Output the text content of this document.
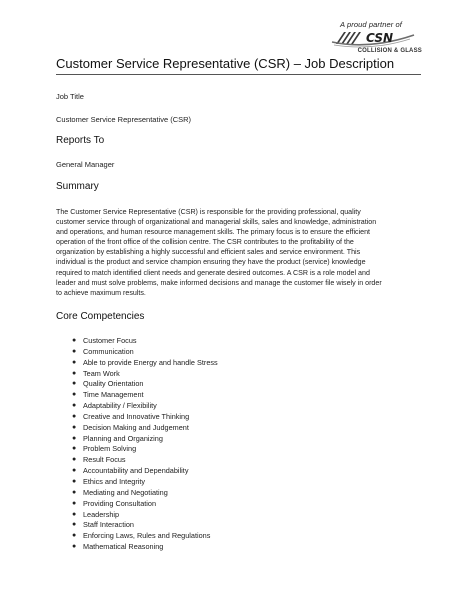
A proud partner of
CSN
COLLISION & GLASS
Customer Service Representative (CSR) – Job Description
Job Title
Customer Service Representative (CSR)
Reports To
General Manager
Summary
The Customer Service Representative (CSR) is responsible for the providing professional, quality
customer service through of organizational and managerial skills, sales and knowledge, administration
and operations, and human resource management skills. The primary focus is to ensure the efficient
operation of the front office of the collision centre. The CSR contributes to the profitability of the
organization by establishing a highly successful and efficient sales and service environment. This
individual is the product and service champion ensuring they have the product (service) knowledge
required to match identified client needs and generate desired outcomes. A CSR is a role model and
leader and must solve problems, make informed decisions and manage the customer file wisely in order
to achieve maximum results.
Core Competencies
● Customer Focus
● Communication
● Able to provide Energy and handle Stress
● Team Work
● Quality Orientation
● Time Management
● Adaptability / Flexibility
● Creative and Innovative Thinking
● Decision Making and Judgement
● Planning and Organizing
● Problem Solving
● Result Focus
● Accountability and Dependability
● Ethics and Integrity
● Mediating and Negotiating
● Providing Consultation
● Leadership
● Staff Interaction
● Enforcing Laws, Rules and Regulations
● Mathematical Reasoning
